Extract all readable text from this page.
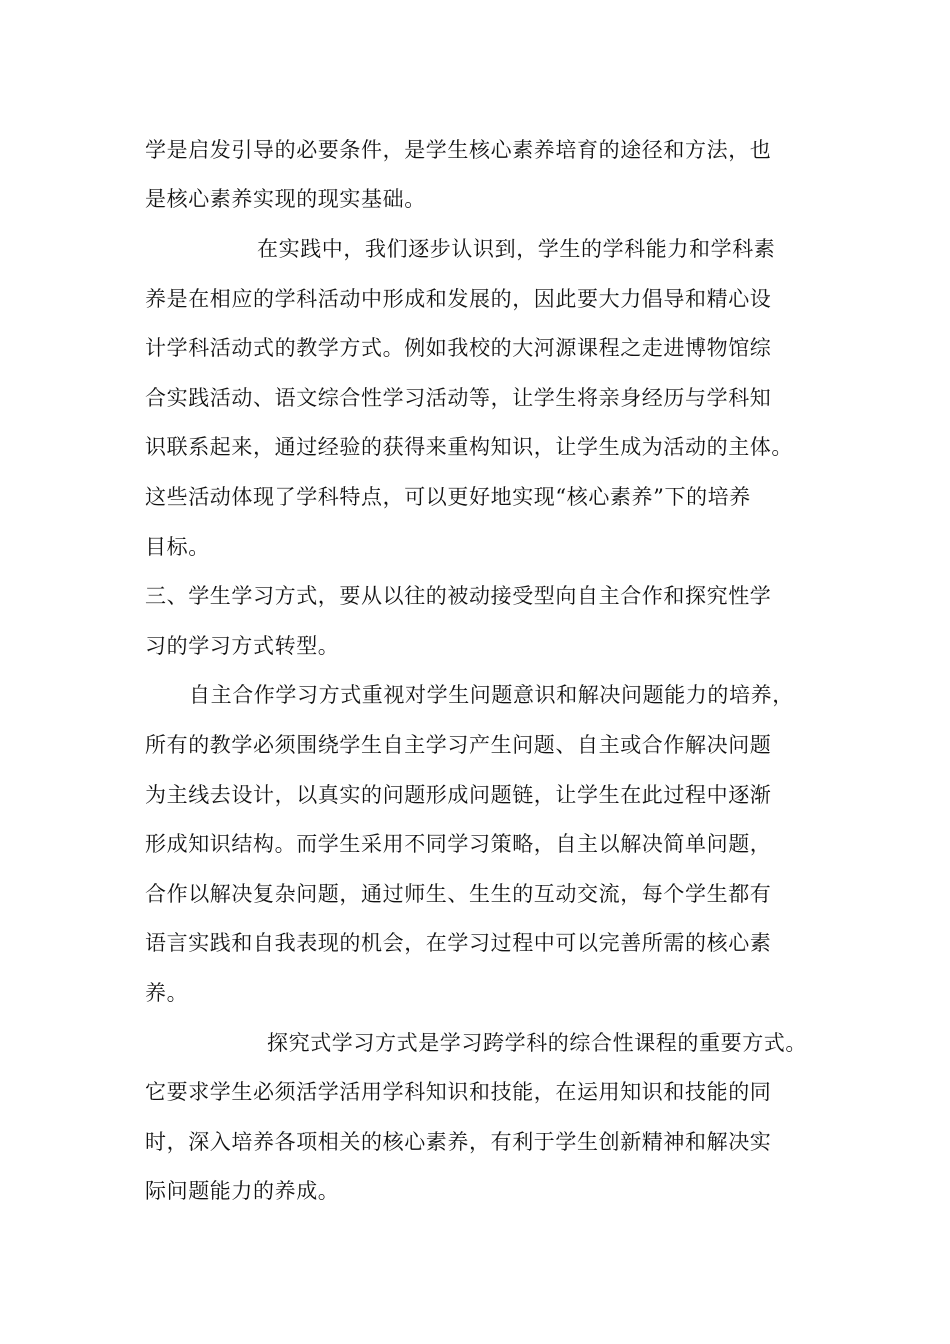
学是启发引导的必要条件，是学生核心素养培育的途径和方法，也

是核心素养实现的现实基础。

在实践中，我们逐步认识到，学生的学科能力和学科素

养是在相应的学科活动中形成和发展的，因此要大力倡导和精心设

计学科活动式的教学方式。例如我校的大河源课程之走进博物馆综

合实践活动、语文综合性学习活动等，让学生将亲身经历与学科知

识联系起来，通过经验的获得来重构知识，让学生成为活动的主体。

这些活动体现了学科特点，可以更好地实现“核心素养”下的培养

目标。

三、学生学习方式，要从以往的被动接受型向自主合作和探究性学

习的学习方式转型。

自主合作学习方式重视对学生问题意识和解决问题能力的培养，

所有的教学必须围绕学生自主学习产生问题、自主或合作解决问题

为主线去设计，以真实的问题形成问题链，让学生在此过程中逐渐

形成知识结构。而学生采用不同学习策略，自主以解决简单问题，

合作以解决复杂问题，通过师生、生生的互动交流，每个学生都有

语言实践和自我表现的机会，在学习过程中可以完善所需的核心素

养。

探究式学习方式是学习跨学科的综合性课程的重要方式。

它要求学生必须活学活用学科知识和技能，在运用知识和技能的同

时，深入培养各项相关的核心素养，有利于学生创新精神和解决实

际问题能力的养成。
